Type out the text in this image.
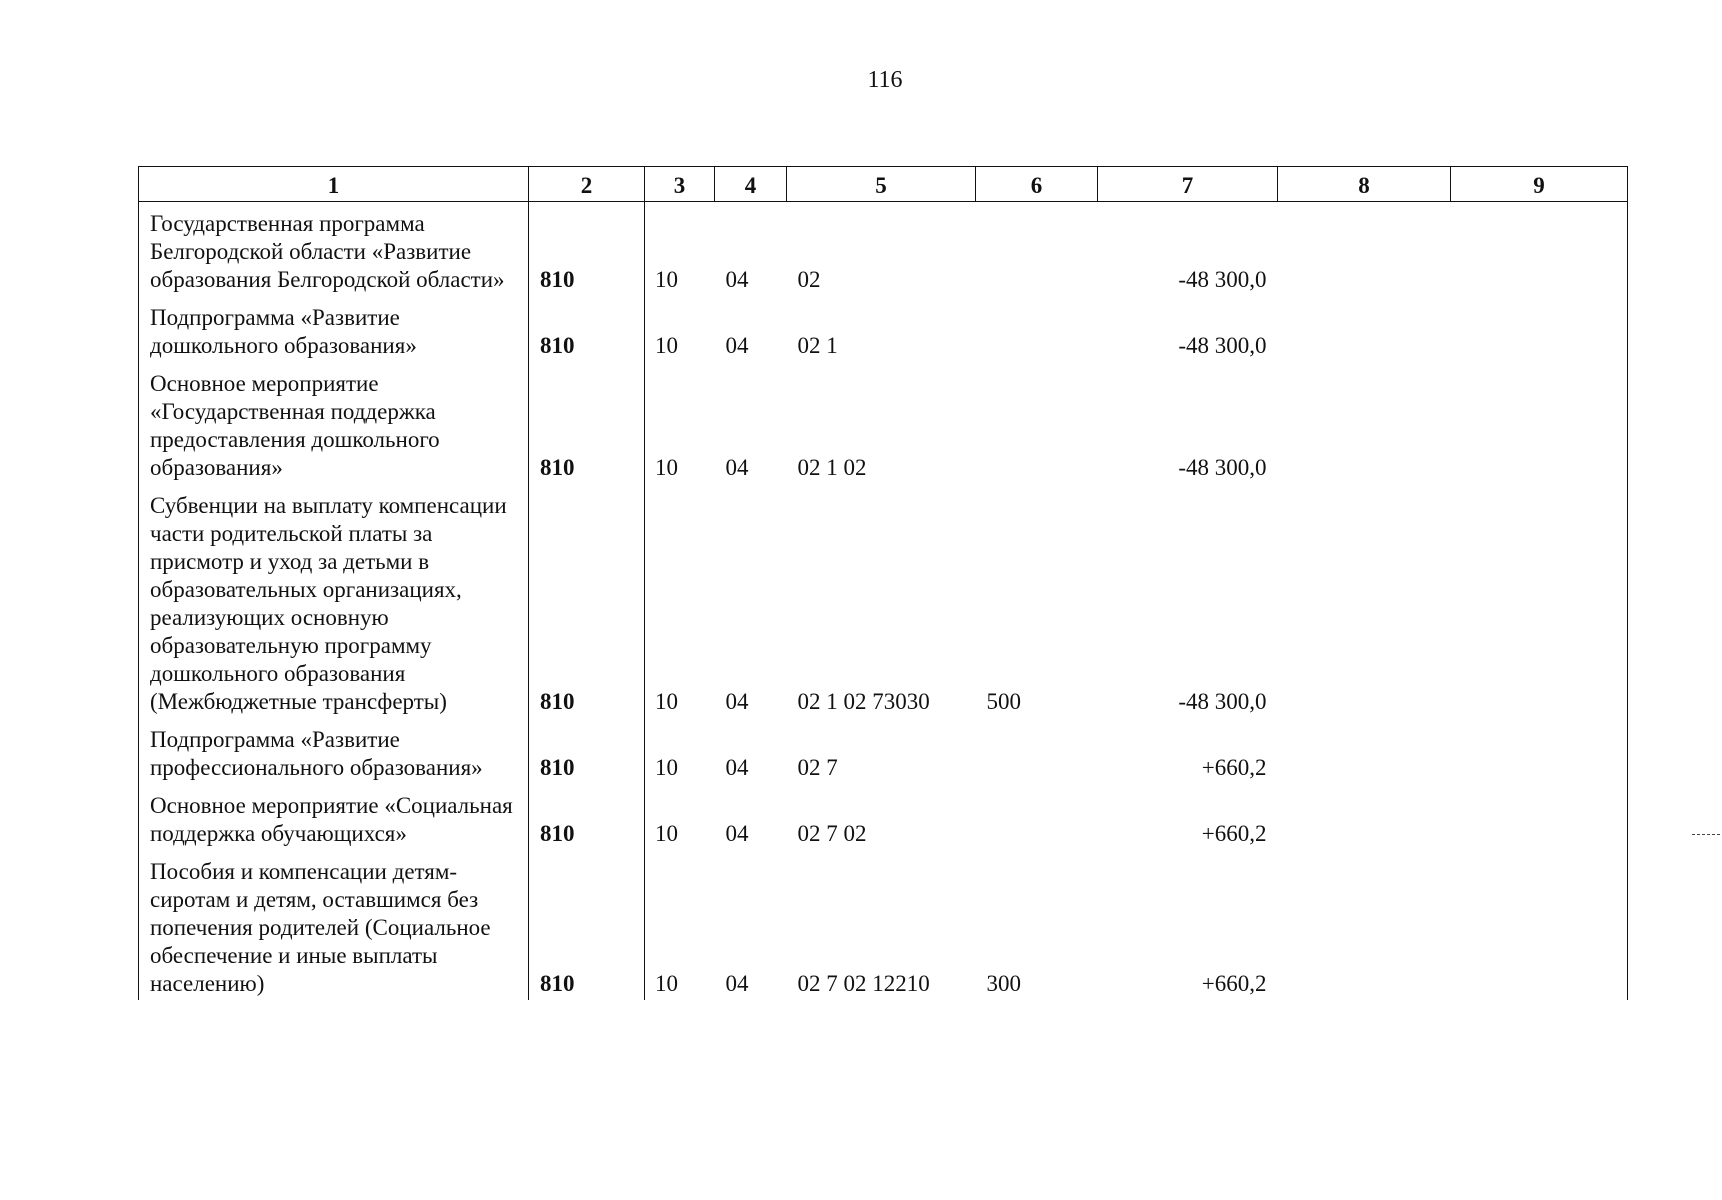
116
1	2	3	4	5	6	7	8	9
Государственная программа Белгородской области «Развитие образования Белгородской области»	810	10	04	02		-48 300,0		
Подпрограмма «Развитие дошкольного образования»	810	10	04	02 1		-48 300,0		
Основное мероприятие «Государственная поддержка предоставления дошкольного образования»	810	10	04	02 1 02		-48 300,0		
Субвенции на выплату компенсации части родительской платы за присмотр и уход за детьми в образовательных организациях, реализующих основную образовательную программу дошкольного образования (Межбюджетные трансферты)	810	10	04	02 1 02 73030	500	-48 300,0		
Подпрограмма «Развитие профессионального образования»	810	10	04	02 7		+660,2		
Основное мероприятие «Социальная поддержка обучающихся»	810	10	04	02 7 02		+660,2		
Пособия и компенсации детям-сиротам и детям, оставшимся без попечения родителей (Социальное обеспечение и иные выплаты населению)	810	10	04	02 7 02 12210	300	+660,2		
